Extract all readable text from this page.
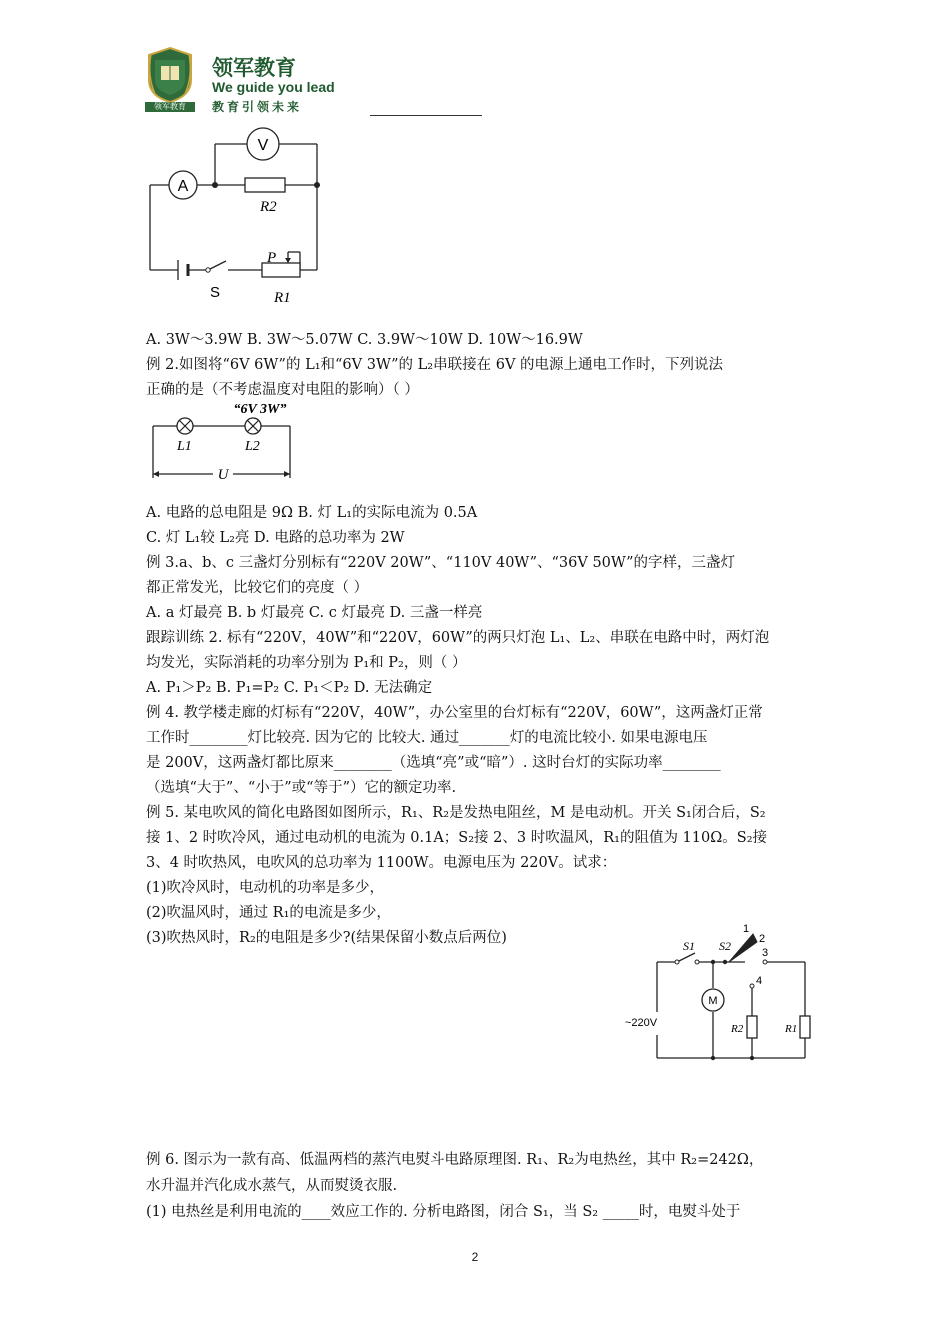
领军教育
领军教育
We guide you lead
教育引领未来
A
V
R2
P
S	R1
A. 3W～3.9W B. 3W～5.07W C. 3.9W～10W D. 10W～16.9W
例 2.如图将“6V 6W”的 L₁和“6V 3W”的 L₂串联接在 6V 的电源上通电工作时，下列说法
正确的是（不考虑温度对电阻的影响）（ ）
“6V 3W”
L1	L2
U
A. 电路的总电阻是 9Ω B. 灯 L₁的实际电流为 0.5A
C. 灯 L₁较 L₂亮 D. 电路的总功率为 2W
例 3.a、b、c 三盏灯分别标有“220V 20W”、“110V 40W”、“36V 50W”的字样，三盏灯
都正常发光，比较它们的亮度（ ）
A. a 灯最亮 B. b 灯最亮 C. c 灯最亮 D. 三盏一样亮
跟踪训练 2. 标有“220V，40W”和“220V，60W”的两只灯泡 L₁、L₂、串联在电路中时，两灯泡
均发光，实际消耗的功率分别为 P₁和 P₂，则（ ）
A. P₁＞P₂ B. P₁=P₂ C. P₁＜P₂ D. 无法确定
例 4. 教学楼走廊的灯标有“220V，40W”，办公室里的台灯标有“220V，60W”，这两盏灯正常
工作时________灯比较亮. 因为它的 比较大. 通过_______灯的电流比较小. 如果电源电压
是 200V，这两盏灯都比原来________（选填“亮”或“暗”）. 这时台灯的实际功率________
（选填“大于”、“小于”或“等于”）它的额定功率.
例 5. 某电吹风的简化电路图如图所示，R₁、R₂是发热电阻丝，M 是电动机。开关 S₁闭合后，S₂
接 1、2 时吹冷风，通过电动机的电流为 0.1A；S₂接 2、3 时吹温风，R₁的阻值为 110Ω。S₂接
3、4 时吹热风，电吹风的总功率为 1100W。电源电压为 220V。试求：
(1)吹冷风时，电动机的功率是多少，
(2)吹温风时，通过 R₁的电流是多少，
(3)吹热风时，R₂的电阻是多少?(结果保留小数点后两位)	S1 S2
1
2
3
4
~220V
M
R2	R1
例 6. 图示为一款有高、低温两档的蒸汽电熨斗电路原理图. R₁、R₂为电热丝，其中 R₂=242Ω，
水升温并汽化成水蒸气，从而熨烫衣服.
(1) 电热丝是利用电流的____效应工作的. 分析电路图，闭合 S₁，当 S₂ _____时，电熨斗处于
2
